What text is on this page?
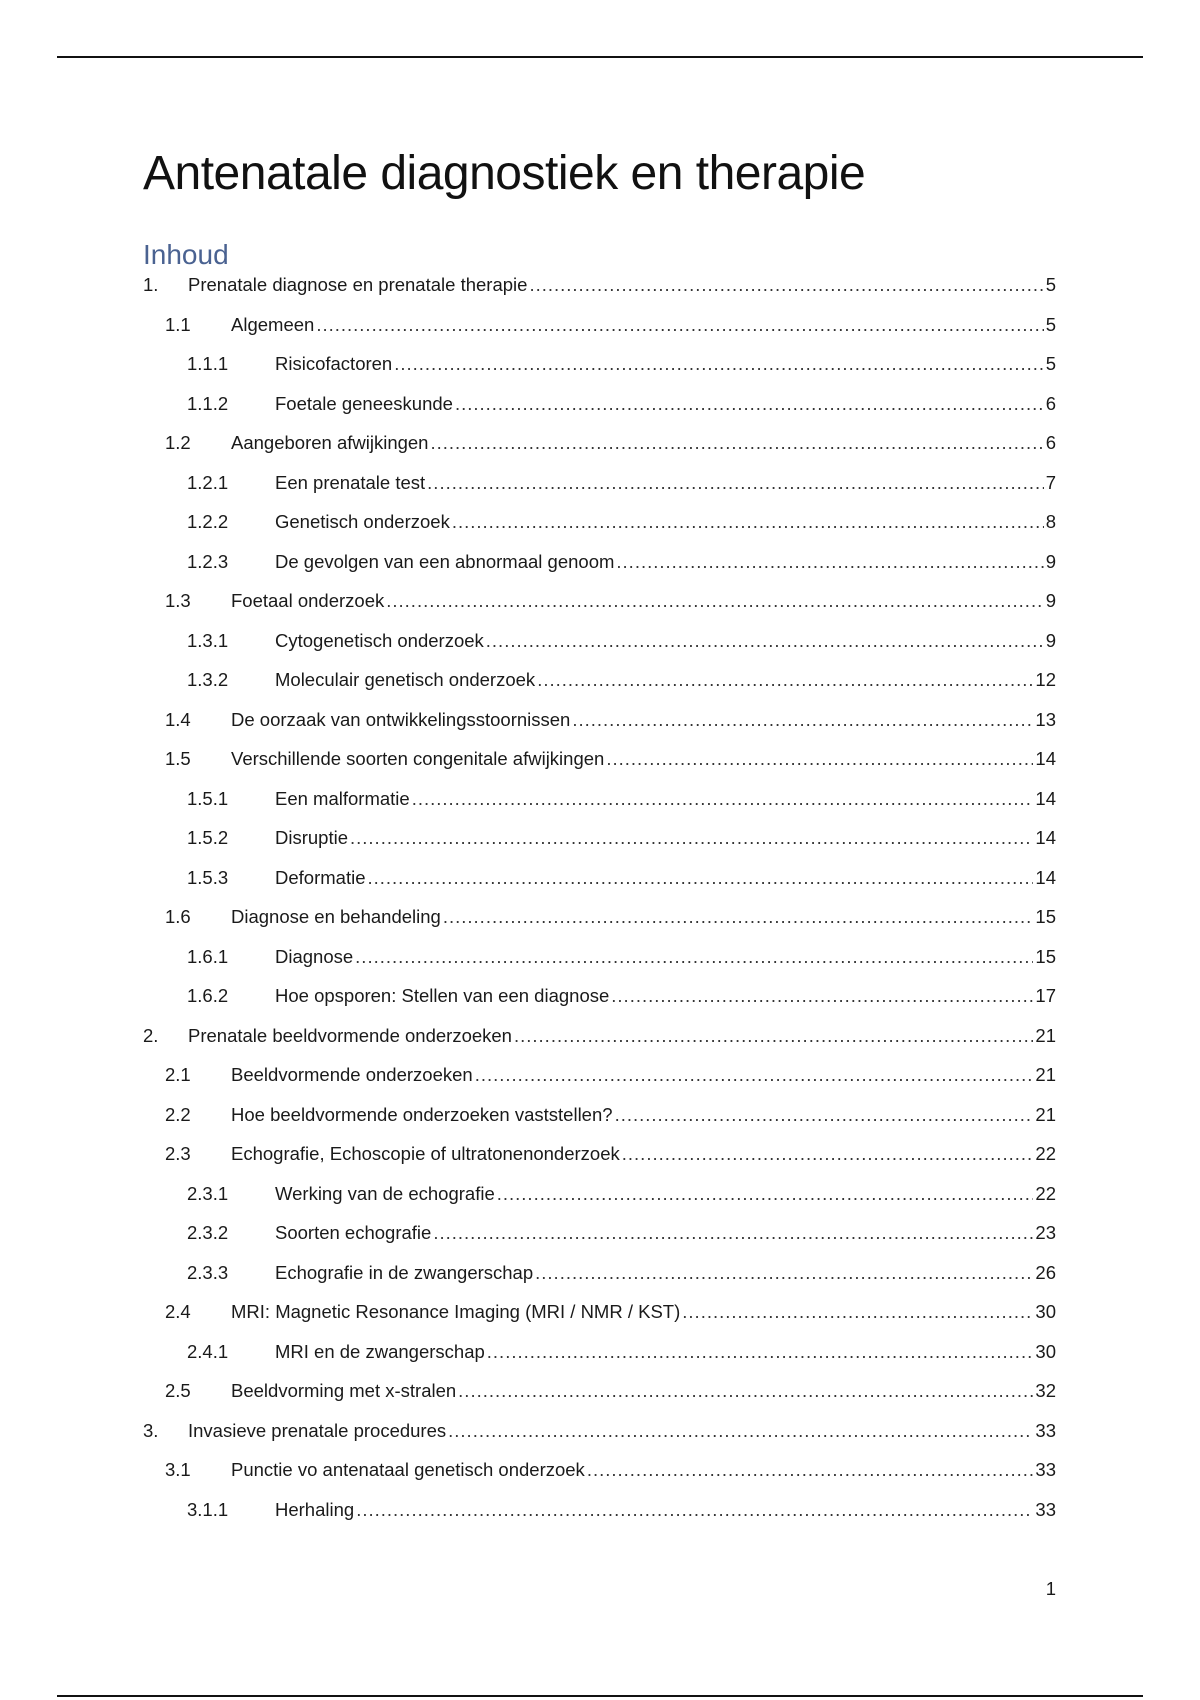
Antenatale diagnostiek en therapie
Inhoud
1.	Prenatale diagnose en prenatale therapie .....	5
1.1	Algemeen .....	5
1.1.1	Risicofactoren .....	5
1.1.2	Foetale geneeskunde .....	6
1.2	Aangeboren afwijkingen .....	6
1.2.1	Een prenatale test .....	7
1.2.2	Genetisch onderzoek .....	8
1.2.3	De gevolgen van een abnormaal genoom .....	9
1.3	Foetaal onderzoek .....	9
1.3.1	Cytogenetisch onderzoek .....	9
1.3.2	Moleculair genetisch onderzoek .....	12
1.4	De oorzaak van ontwikkelingsstoornissen .....	13
1.5	Verschillende soorten congenitale afwijkingen .....	14
1.5.1	Een malformatie .....	14
1.5.2	Disruptie .....	14
1.5.3	Deformatie .....	14
1.6	Diagnose en behandeling .....	15
1.6.1	Diagnose .....	15
1.6.2	Hoe opsporen: Stellen van een diagnose .....	17
2.	Prenatale beeldvormende onderzoeken .....	21
2.1	Beeldvormende onderzoeken .....	21
2.2	Hoe beeldvormende onderzoeken vaststellen? .....	21
2.3	Echografie, Echoscopie of ultratonenonderzoek .....	22
2.3.1	Werking van de echografie .....	22
2.3.2	Soorten echografie .....	23
2.3.3	Echografie in de zwangerschap .....	26
2.4	MRI: Magnetic Resonance Imaging (MRI / NMR / KST) .....	30
2.4.1	MRI en de zwangerschap .....	30
2.5	Beeldvorming met x-stralen .....	32
3.	Invasieve prenatale procedures .....	33
3.1	Punctie vo antenataal genetisch onderzoek .....	33
3.1.1	Herhaling .....	33
1
